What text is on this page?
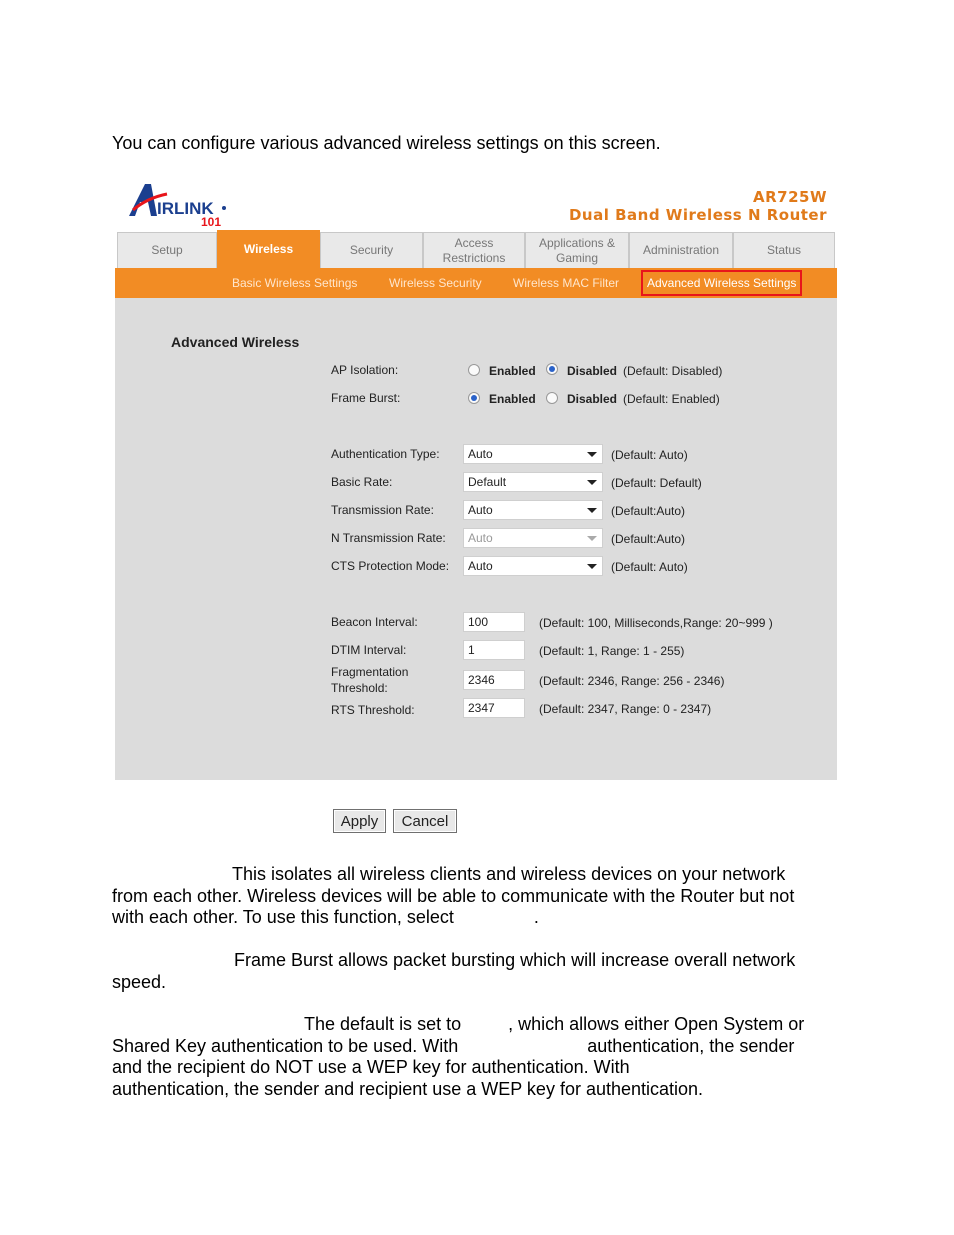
You can configure various advanced wireless settings on this screen.
IRLINK
101
AR725W
Dual Band Wireless N Router
Setup	Wireless	Security
Access Restrictions
Applications & Gaming
Administration	Status
Basic Wireless Settings	Wireless Security	Wireless MAC Filter	Advanced Wireless Settings
Advanced Wireless
AP Isolation:	Enabled	Disabled (Default: Disabled)
Frame Burst:	Enabled	Disabled (Default: Enabled)
Authentication Type:	Auto	(Default: Auto)
Basic Rate:	Default	(Default: Default)
Transmission Rate:	Auto	(Default:Auto)
N Transmission Rate:	Auto	(Default:Auto)
CTS Protection Mode:	Auto	(Default: Auto)
Beacon Interval:	100	(Default: 100, Milliseconds,Range: 20~999 )
DTIM Interval:	1	(Default: 1, Range: 1 - 255)
Fragmentation Threshold:
2346	(Default: 2346, Range: 256 - 2346)
RTS Threshold:	2347	(Default: 2347, Range: 0 - 2347)
Apply	Cancel
This isolates all wireless clients and wireless devices on your network
from each other. Wireless devices will be able to communicate with the Router but not
with each other. To use this function, select	.
Frame Burst allows packet bursting which will increase overall network
speed.
The default is set to	, which allows either Open System or
Shared Key authentication to be used. With	authentication, the sender
and the recipient do NOT use a WEP key for authentication. With
authentication, the sender and recipient use a WEP key for authentication.
